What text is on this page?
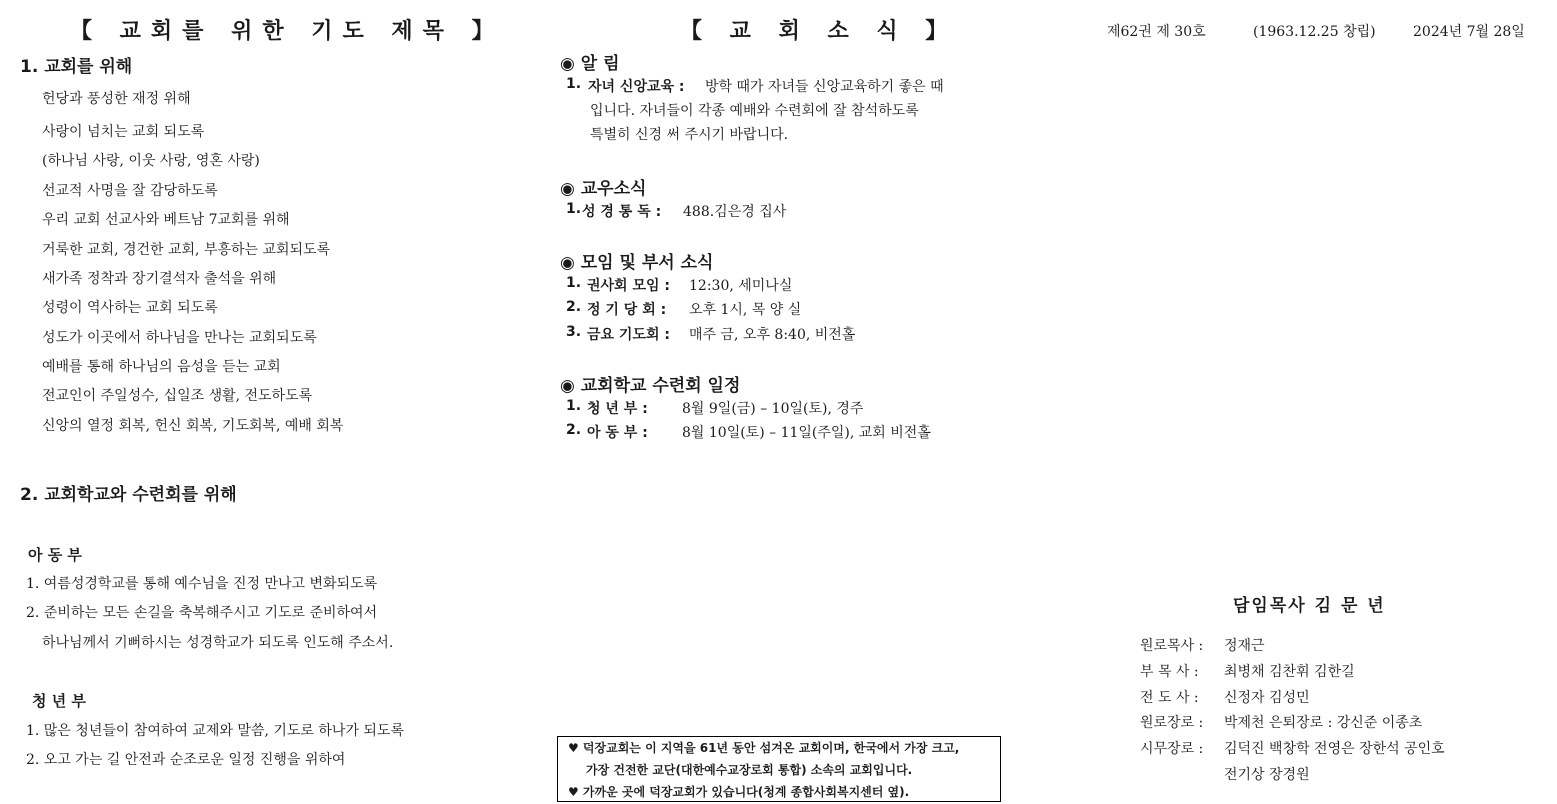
【 교회를 위한 기도 제목 】
1. 교회를 위해
헌당과 풍성한 재정 위해
사랑이 넘치는 교회 되도록
(하나님 사랑, 이웃 사랑, 영혼 사랑)
선교적 사명을 잘 감당하도록
우리 교회 선교사와 베트남 7교회를 위해
거룩한 교회, 경건한 교회, 부흥하는 교회되도록
새가족 정착과 장기결석자 출석을 위해
성령이 역사하는 교회 되도록
성도가 이곳에서 하나님을 만나는 교회되도록
예배를 통해 하나님의 음성을 듣는 교회
전교인이 주일성수, 십일조 생활, 전도하도록
신앙의 열정 회복, 헌신 회복, 기도회복, 예배 회복
2. 교회학교와 수련회를 위해
아 동 부
1. 여름성경학교를 통해 예수님을 진정 만나고 변화되도록
2. 준비하는 모든 손길을 축복해주시고 기도로 준비하여서
하나님께서 기뻐하시는 성경학교가 되도록 인도해 주소서.
청 년 부
1. 많은 청년들이 참여하여 교제와 말씀, 기도로 하나가 되도록
2. 오고 가는 길 안전과 순조로운 일정 진행을 위하여
【 교 회 소 식 】
◉ 알 림
1. 자녀 신앙교육 : 방학 때가 자녀들 신앙교육하기 좋은 때
입니다. 자녀들이 각종 예배와 수련회에 잘 참석하도록
특별히 신경 써 주시기 바랍니다.
◉ 교우소식
1. 성 경 통 독 : 488.김은경 집사
◉ 모임 및 부서 소식
1. 권사회 모임 : 12:30, 세미나실
2. 정 기 당 회 : 오후 1시, 목 양 실
3. 금요 기도회 : 매주 금, 오후 8:40, 비전홀
◉ 교회학교 수련회 일정
1. 청 년 부 : 8월 9일(금) – 10일(토), 경주
2. 아 동 부 : 8월 10일(토) – 11일(주일), 교회 비전홀
♥ 덕장교회는 이 지역을 61년 동안 섬겨온 교회이며, 한국에서 가장 크고,
가장 건전한 교단(대한예수교장로회 통합) 소속의 교회입니다.
♥ 가까운 곳에 덕장교회가 있습니다(청계 종합사회복지센터 옆).
제62권 제 30호	(1963.12.25 창립)	2024년 7월 28일
담임목사 김 문 년
원로목사 : 정재근
부 목 사 : 최병채 김찬휘 김한길
전 도 사 : 신정자 김성민
원로장로 : 박제천 은퇴장로 : 강신준 이종초
시무장로 : 김덕진 백창학 전영은 장한석 공인호
전기상 장경원
